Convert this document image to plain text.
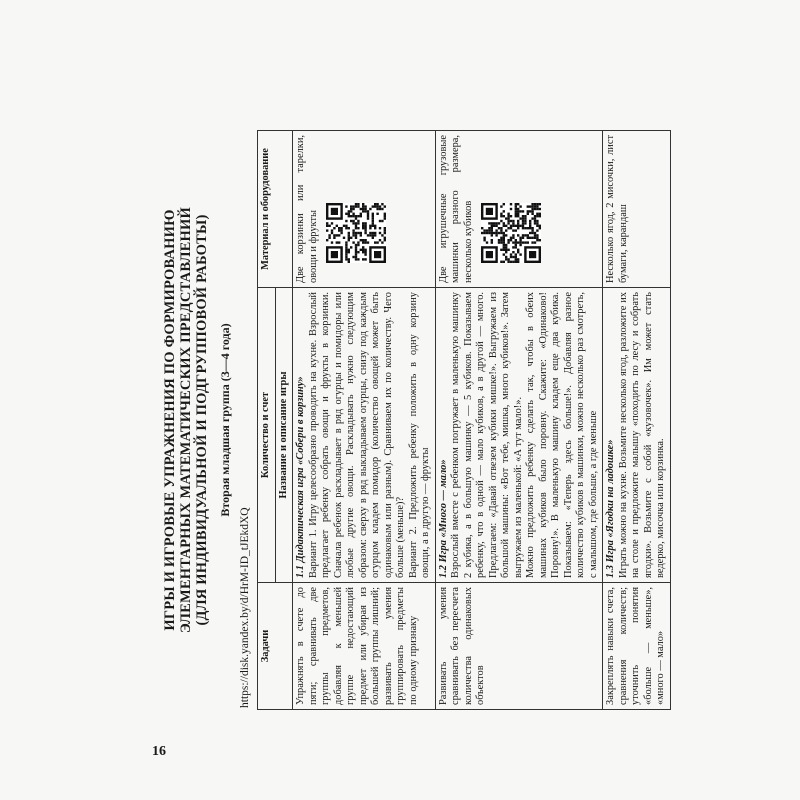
16
ИГРЫ И ИГРОВЫЕ УПРАЖНЕНИЯ ПО ФОРМИРОВАНИЮ ЭЛЕМЕНТАРНЫХ МАТЕМАТИЧЕСКИХ ПРЕДСТАВЛЕНИЙ (ДЛЯ ИНДИВИДУАЛЬНОЙ И ПОДГРУППОВОЙ РАБОТЫ) Вторая младшая группа (3—4 года)
https://disk.yandex.by/d/HrM-ID_tJEkdXQ Задачи	Количество и счет	Материал и оборудование
	Название и описание игры	

Упражнять в счете до пяти; сравнивать две группы предметов, добавляя к меньшей группе недостающий предмет или убирая из большей группы лишний; развивать умения группировать предметы по одному признаку	1.1 Дидактическая игра «Собери в корзину» Вариант 1. Игру целесообразно проводить на кухне. Взрослый предлагает ребенку собрать овощи и фрукты в корзинки. Сначала ребенок раскладывает в ряд огурцы и помидоры или любые другие овощи. Раскладывать нужно следующим образом: сверху в ряд выкладываем огурцы, снизу под каждым огурцом кладем помидор (количество овощей может быть одинаковым или разным). Сравниваем их по количеству. Чего больше (меньше)? Вариант 2. Предложить ребенку положить в одну корзину овощи, а в другую — фрукты	Две корзинки или тарелки, овощи и фрукты

Развивать умения сравнивать без пересчета количества одинаковых объектов	1.2 Игра «Много — мало» Взрослый вместе с ребенком погружает в маленькую машинку 2 кубика, а в большую машинку — 5 кубиков. Показываем ребенку, что в одной — мало кубиков, а в другой — много. Предлагаем: «Давай отвезем кубики мишке!». Выгружаем из большой машины: «Вот тебе, мишка, много кубиков!». Затем выгружаем из маленькой: «А тут мало!». Можно предложить ребенку сделать так, чтобы в обеих машинах кубиков было поровну. Скажите: «Одинаково! Поровну!». В маленькую машину кладем еще два кубика. Показываем: «Теперь здесь больше!». Добавляя разное количество кубиков в машинки, можно несколько раз смотреть, с малышом, где больше, а где меньше	Две игрушечные грузовые машинки разного размера, несколько кубиков

Закреплять навыки счета, сравнения количеств; уточнить понятия «больше — меньше», «много — мало»	1.3 Игра «Ягодки на ладошке» Играть можно на кухне. Возьмите несколько ягод, разложите их на столе и предложите малышу «походить по лесу и собрать ягодки». Возьмите с собой «кузовочек». Им может стать ведерко, мисочка или корзинка.	Несколько ягод, 2 мисочки, лист бумаги, карандаш
